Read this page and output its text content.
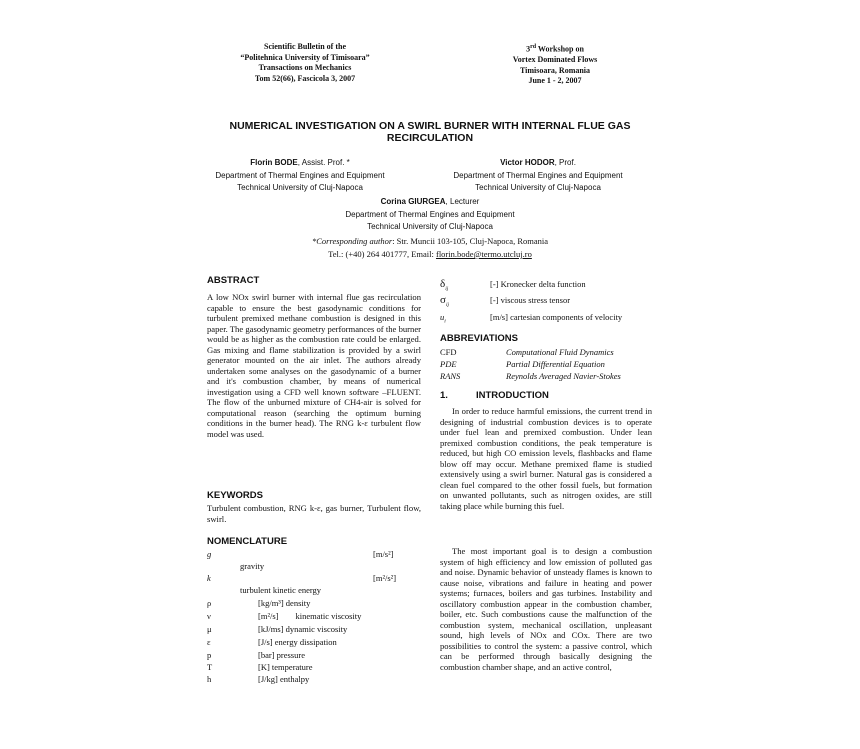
Scientific Bulletin of the
“Politehnica University of Timisoara”
Transactions on Mechanics
Tom 52(66), Fascicola 3, 2007
3rd Workshop on
Vortex Dominated Flows
Timisoara, Romania
June 1 - 2, 2007
NUMERICAL INVESTIGATION ON A SWIRL BURNER WITH INTERNAL FLUE GAS
RECIRCULATION
Florin BODE, Assist. Prof. *
Department of Thermal Engines and Equipment
Technical University of Cluj-Napoca
Victor HODOR, Prof.
Department of Thermal Engines and Equipment
Technical University of Cluj-Napoca
Corina GIURGEA, Lecturer
Department of Thermal Engines and Equipment
Technical University of Cluj-Napoca
*Corresponding author: Str. Muncii 103-105, Cluj-Napoca, Romania
Tel.: (+40) 264 401777, Email: florin.bode@termo.utcluj.ro
ABSTRACT
A low NOx swirl burner with internal flue gas recirculation capable to ensure the best gasodynamic conditions for turbulent premixed methane combustion is designed in this paper. The gasodynamic geometry performances of the burner would be as higher as the combustion rate could be enlarged. Gas mixing and flame stabilization is provided by a swirl generator mounted on the air inlet. The authors already undertaken some analyses on the gasodynamic of a burner and it's combustion chamber, by means of numerical investigation using a CFD well known software –FLUENT. The flow of the unburned mixture of CH4-air is solved for computational reason (searching the optimum burning conditions in the burner head). The RNG k-ε turbulent flow model was used.
KEYWORDS
Turbulent combustion, RNG k-ε, gas burner, Turbulent flow, swirl.
NOMENCLATURE
g	[m/s²]
gravity
k	[m²/s²]
turbulent kinetic energy
ρ	[kg/m³] density
ν	[m²/s]        kinematic viscosity
μ	[kJ/ms] dynamic viscosity
ε	[J/s] energy dissipation
p	[bar] pressure
T	[K] temperature
h	[J/kg] enthalpy
$\delta_{ij}[-]$ Kronecker delta function
$\sigma_{ij}[-]$ viscous stress tensor
$u_i$	[m/s] cartesian components of velocity
ABBREVIATIONS
CFD	Computational Fluid Dynamics
PDE	Partial Differential Equation
RANS	Reynolds Averaged Navier-Stokes
1.	INTRODUCTION
In order to reduce harmful emissions, the current trend in designing of industrial combustion devices is to operate under fuel lean and premixed combustion. Under lean premixed combustion conditions, the peak temperature is reduced, but high CO emission levels, flashbacks and flame blow off may occur. Methane premixed flame is studied extensively using a swirl burner. Natural gas is considered a clean fuel compared to the other fossil fuels, but formation on unwanted pollutants, such as nitrogen oxides, are still taking place while burning this fuel.
The most important goal is to design a combustion system of high efficiency and low emission of polluted gas and noise. Dynamic behavior of unsteady flames is known to cause noise, vibrations and failure in heating and power systems; furnaces, boilers and gas turbines. Instability and oscillatory combustion appear in the combustion chamber, boiler, etc. Such combustions cause the malfunction of the combustion system, mechanical oscillation, unpleasant sound, high levels of NOx and COx. There are two possibilities to control the system: a passive control, which can be performed through basically designing the combustion chamber shape, and an active control,
